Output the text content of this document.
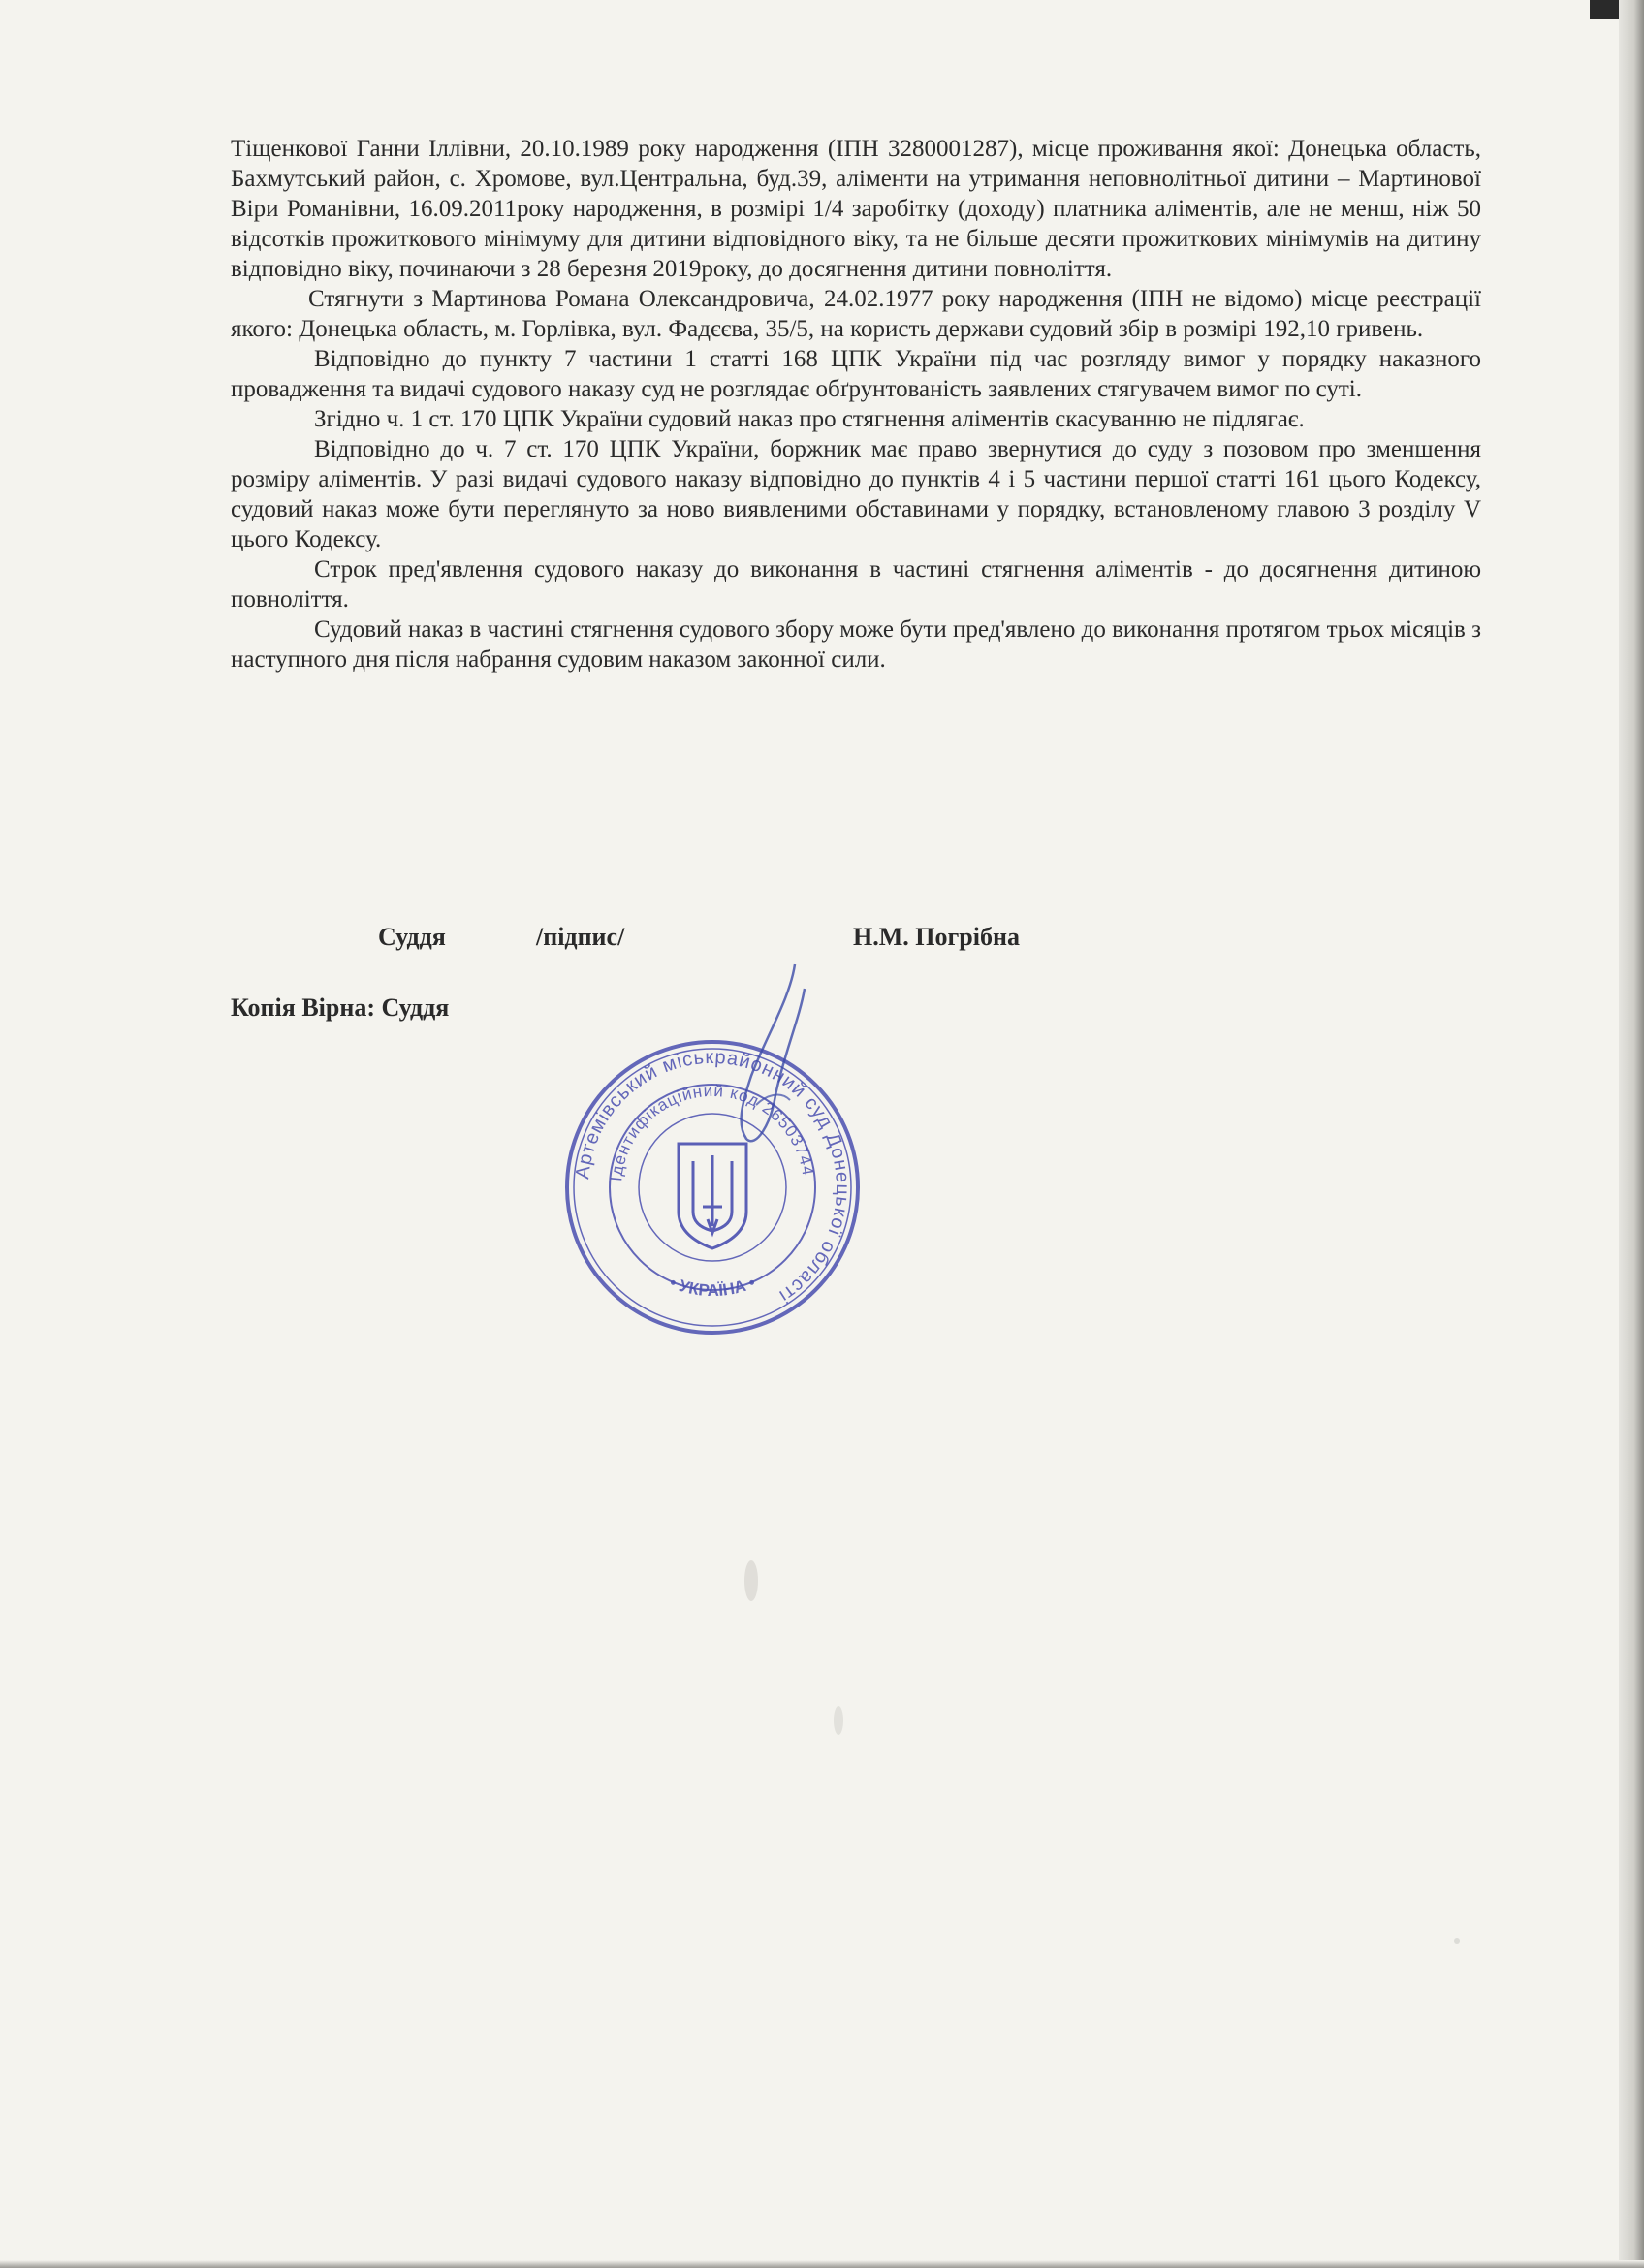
Тіщенкової Ганни Іллівни, 20.10.1989 року народження (ІПН 3280001287), місце проживання якої: Донецька область, Бахмутський район, с. Хромове, вул.Центральна, буд.39, аліменти на утримання неповнолітньої дитини – Мартинової Віри Романівни, 16.09.2011року народження, в розмірі 1/4 заробітку (доходу) платника аліментів, але не менш, ніж 50 відсотків прожиткового мінімуму для дитини відповідного віку, та не більше десяти прожиткових мінімумів на дитину відповідно віку, починаючи з 28 березня 2019року, до досягнення дитини повноліття.

Стягнути з Мартинова Романа Олександровича, 24.02.1977 року народження (ІПН не відомо) місце реєстрації якого: Донецька область, м. Горлівка, вул. Фадєєва, 35/5, на користь держави судовий збір в розмірі 192,10 гривень.

Відповідно до пункту 7 частини 1 статті 168 ЦПК України під час розгляду вимог у порядку наказного провадження та видачі судового наказу суд не розглядає обґрунтованість заявлених стягувачем вимог по суті.

Згідно ч. 1 ст. 170 ЦПК України судовий наказ про стягнення аліментів скасуванню не підлягає.

Відповідно до ч. 7 ст. 170 ЦПК України, боржник має право звернутися до суду з позовом про зменшення розміру аліментів. У разі видачі судового наказу відповідно до пунктів 4 і 5 частини першої статті 161 цього Кодексу, судовий наказ може бути переглянуто за ново виявленими обставинами у порядку, встановленому главою 3 розділу V цього Кодексу.

Строк пред'явлення судового наказу до виконання в частині стягнення аліментів - до досягнення дитиною повноліття.

Судовий наказ в частині стягнення судового збору може бути пред'явлено до виконання протягом трьох місяців з наступного дня після набрання судовим наказом законної сили.

Суддя	/підпис/	Н.М. Погрібна
Копія Вірна: Суддя
Артемівський міськрайонний суд Донецької області
Ідентифікаційний код 26503744
• УКРАЇНА •
